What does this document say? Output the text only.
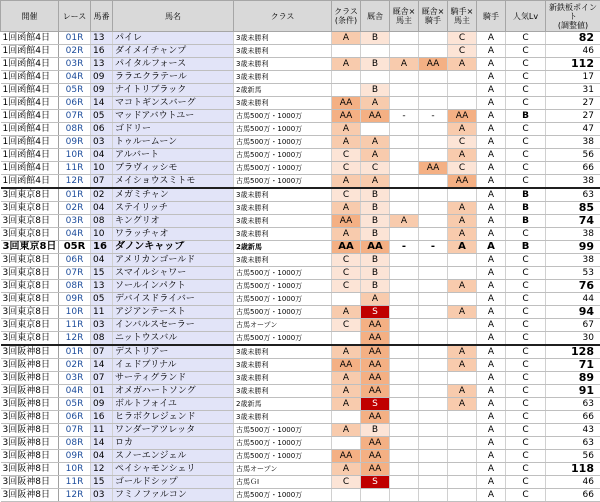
開催	レース	馬番	馬名	クラス	クラス
(条件)	厩舎	厩舎×
馬主	厩舎×
騎手	騎手×
馬主	騎手	人気Lv	新鉄板ポイント
(調整値)
1回函館4日	01R	13	パイレ	3歳未勝利	A	B			C	A	C	82
1回函館4日	02R	16	ダイメイチャンプ	3歳未勝利					C	A	C	46
1回函館4日	03R	13	パイタルフォース	3歳未勝利	A	B	A	AA	A	A	C	112
1回函館4日	04R	09	ララエクラテール	3歳未勝利						A	C	17
1回函館4日	05R	09	ナイトリブラック	2歳新馬		B				A	C	31
1回函館4日	06R	14	マコトギンスバーグ	3歳未勝利	AA	A				A	C	27
1回函館4日	07R	05	マッドアバウトユー	古馬500万・1000万	AA	AA	-	-	AA	A	B	27
1回函館4日	08R	06	ゴドリー	古馬500万・1000万	A				A	A	C	47
1回函館4日	09R	03	トゥルームーン	古馬500万・1000万	A	A			C	A	C	38
1回函館4日	10R	04	アルバート	古馬500万・1000万	C	A			A	A	C	56
1回函館4日	11R	10	ブラヴィッシモ	古馬500万・1000万	C	C		AA	C	A	C	66
1回函館4日	12R	07	メイショウスミトモ	古馬500万・1000万	A	A			AA	A	C	38
3回東京8日	01R	02	メガミチャン	3歳未勝利	C	B				A	B	63
3回東京8日	02R	04	ステイリッチ	3歳未勝利	A	B			A	A	B	85
3回東京8日	03R	08	キングリオ	3歳未勝利	AA	B	A		A	A	B	74
3回東京8日	04R	10	ワラッチャオ	3歳未勝利	A	B			A	A	C	38
3回東京8日	05R	16	ダノンキャップ	2歳新馬	AA	AA	-	-	A	A	B	99
3回東京8日	06R	04	アメリカンゴールド	3歳未勝利	C	B				A	C	38
3回東京8日	07R	15	スマイルシャワー	古馬500万・1000万	C	B				A	C	53
3回東京8日	08R	13	ソールインパクト	古馬500万・1000万	C	B			A	A	C	76
3回東京8日	09R	05	デバイスドライバー	古馬500万・1000万		A				A	C	44
3回東京8日	10R	11	アジアンテースト	古馬500万・1000万	A	S			A	A	C	94
3回東京8日	11R	03	インバルスセーラー	古馬オープン	C	AA				A	C	67
3回東京8日	12R	08	ニットウスバル	古馬500万・1000万		AA				A	C	30
3回阪神8日	01R	07	デストリアー	3歳未勝利	A	AA			A	A	C	128
3回阪神8日	02R	14	イェドブリナル	3歳未勝利	AA	AA			A	A	C	71
3回阪神8日	03R	07	サーティグランド	3歳未勝利	A	AA				A	C	89
3回阪神8日	04R	01	オメガハートソング	3歳未勝利	A	AA			A	A	C	91
3回阪神8日	05R	09	ボルトフォイユ	2歳新馬	A	S			A	A	C	63
3回阪神8日	06R	16	ヒラボクレジェンド	3歳未勝利		AA				A	C	66
3回阪神8日	07R	11	ワンダーアツレッタ	古馬500万・1000万	A	B				A	C	43
3回阪神8日	08R	14	ロカ	古馬500万・1000万		AA				A	C	63
3回阪神8日	09R	04	スノーエンジェル	古馬500万・1000万	AA	AA				A	C	56
3回阪神8日	10R	12	ペイシャモンシェリ	古馬オープン	A	AA				A	C	118
3回阪神8日	11R	15	ゴールドシップ	古馬ＧⅠ	C	S				A	C	46
3回阪神8日	12R	03	フミノファルコン	古馬500万・1000万						A	C	66
